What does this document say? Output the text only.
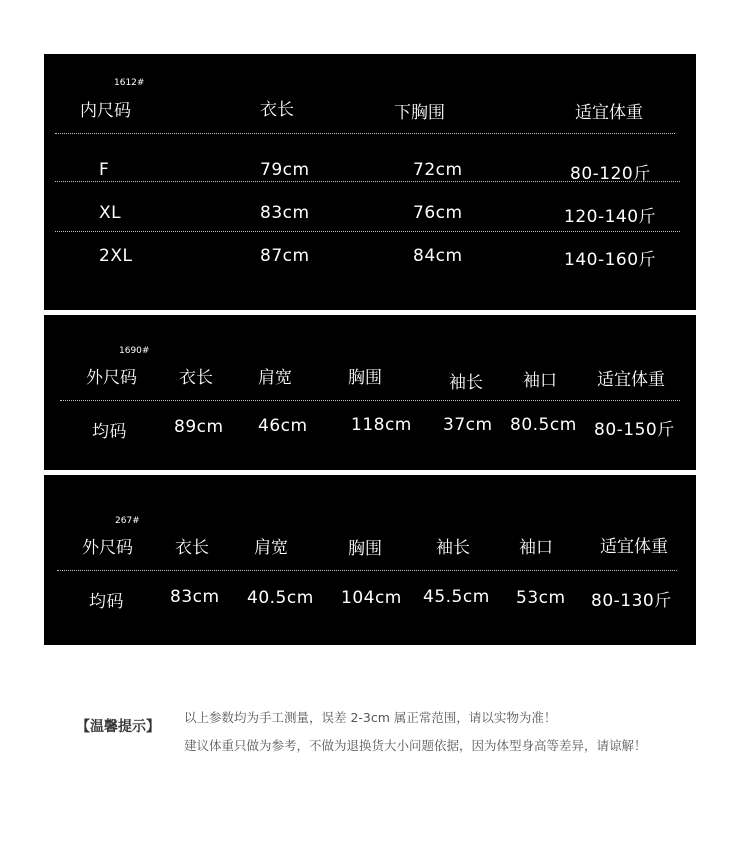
1612#
内尺码	衣长	下胸围	适宜体重
F	79cm	72cm	80-120斤
XL	83cm	76cm	120-140斤
2XL	87cm	84cm	140-160斤
1690#
外尺码 衣长	肩宽	胸围	袖长 袖口 适宜体重
均码	89cm 46cm	118cm 37cm 80.5cm 80-150斤
267#
外尺码 衣长	肩宽	胸围	袖长	袖口	适宜体重
均码	83cm 40.5cm 104cm 45.5cm 53cm 80-130斤
【温馨提示】
以上参数均为手工测量，误差 2-3cm 属正常范围，请以实物为准！
建议体重只做为参考，不做为退换货大小问题依据，因为体型身高等差异，请谅解！
